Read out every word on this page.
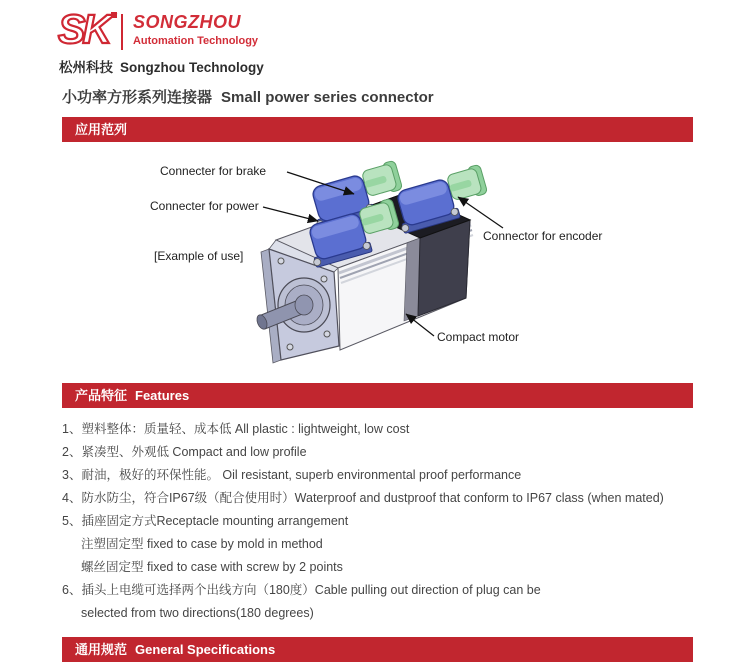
SK	SONGZHOU
Automation Technology
松州科技 Songzhou Technology
小功率方形系列连接器 Small power series connector
应用范列
Connecter for brake
Connecter for power
[Example of use]
Connector for encoder
Compact motor
产品特征 Features
1、塑料整体：质量轻、成本低 All plastic : lightweight, low cost
2、紧凑型、外观低 Compact and low profile
3、耐油，极好的环保性能。 Oil resistant, superb environmental proof performance
4、防水防尘，符合IP67级（配合使用时）Waterproof and dustproof that conform to IP67 class (when mated)
5、插座固定方式Receptacle mounting arrangement
注塑固定型 fixed to case by mold in method
螺丝固定型 fixed to case with screw by 2 points
6、插头上电缆可选择两个出线方向（180度）Cable pulling out direction of plug can be
selected from two directions(180 degrees)
通用规范 General Specifications
